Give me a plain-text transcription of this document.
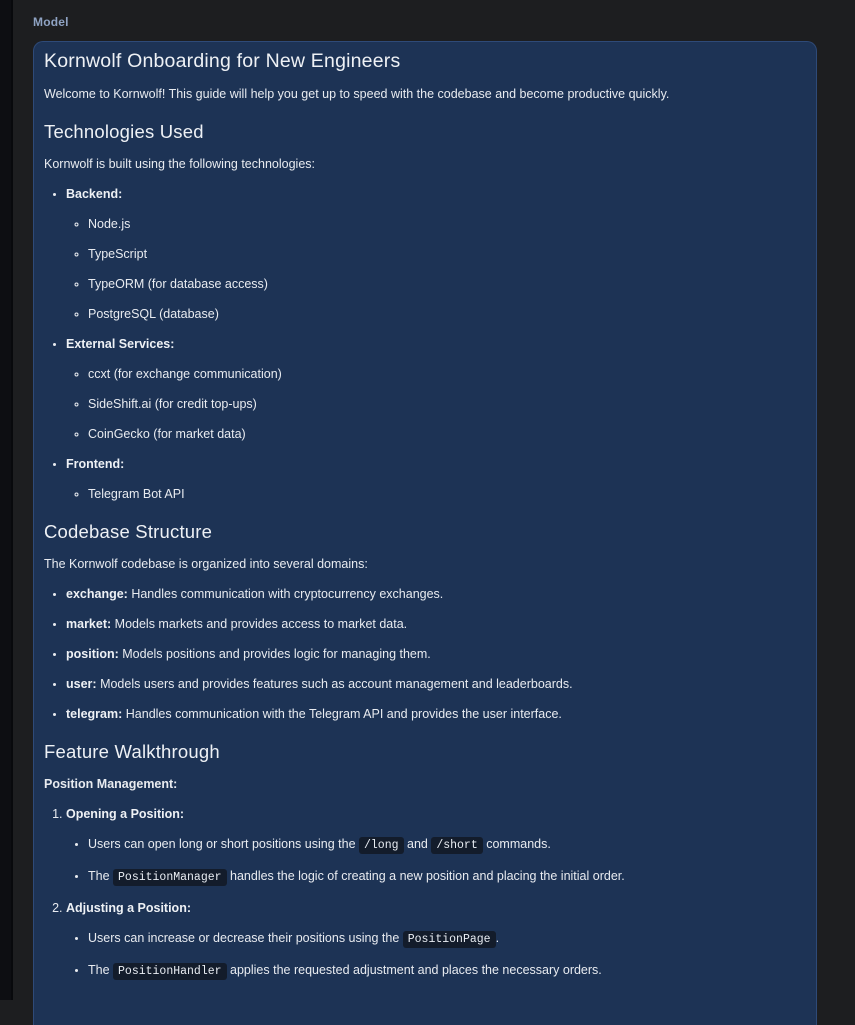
Model
Kornwolf Onboarding for New Engineers

Welcome to Kornwolf! This guide will help you get up to speed with the codebase and become productive quickly.

Technologies Used

Kornwolf is built using the following technologies:

• Backend:
◦ Node.js
◦ TypeScript
◦ TypeORM (for database access)
◦ PostgreSQL (database)
• External Services:
◦ ccxt (for exchange communication)
◦ SideShift.ai (for credit top-ups)
◦ CoinGecko (for market data)
• Frontend:
◦ Telegram Bot API
Codebase Structure

The Kornwolf codebase is organized into several domains:

• exchange: Handles communication with cryptocurrency exchanges.
• market: Models markets and provides access to market data.
• position: Models positions and provides logic for managing them.
• user: Models users and provides features such as account management and leaderboards.
• telegram: Handles communication with the Telegram API and provides the user interface.
Feature Walkthrough

Position Management:

1. Opening a Position:
• Users can open long or short positions using the /long and /short commands.
• The PositionManager handles the logic of creating a new position and placing the initial order.
2. Adjusting a Position:
• Users can increase or decrease their positions using the PositionPage .
• The PositionHandler applies the requested adjustment and places the necessary orders.
